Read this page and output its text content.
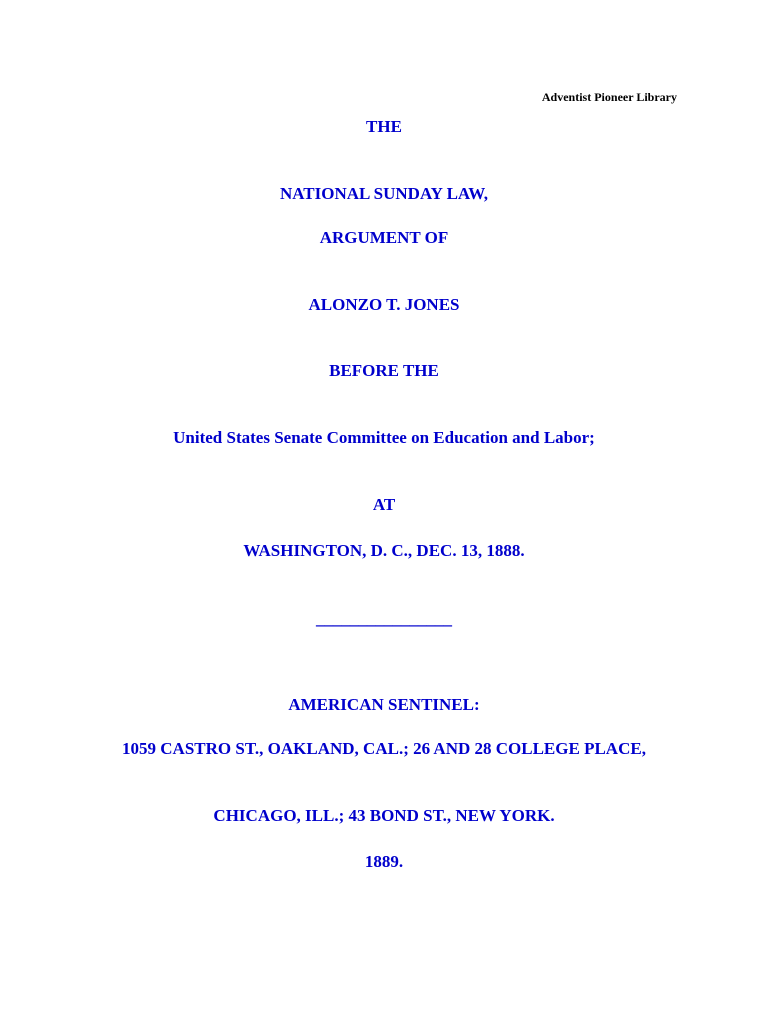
Adventist Pioneer Library
THE
NATIONAL SUNDAY LAW,
ARGUMENT OF
ALONZO T. JONES
BEFORE THE
United States Senate Committee on Education and Labor;
AT
WASHINGTON, D. C., DEC. 13, 1888.
________________
AMERICAN SENTINEL:
1059 CASTRO ST., OAKLAND, CAL.; 26 AND 28 COLLEGE PLACE,
CHICAGO, ILL.; 43 BOND ST., NEW YORK.
1889.
